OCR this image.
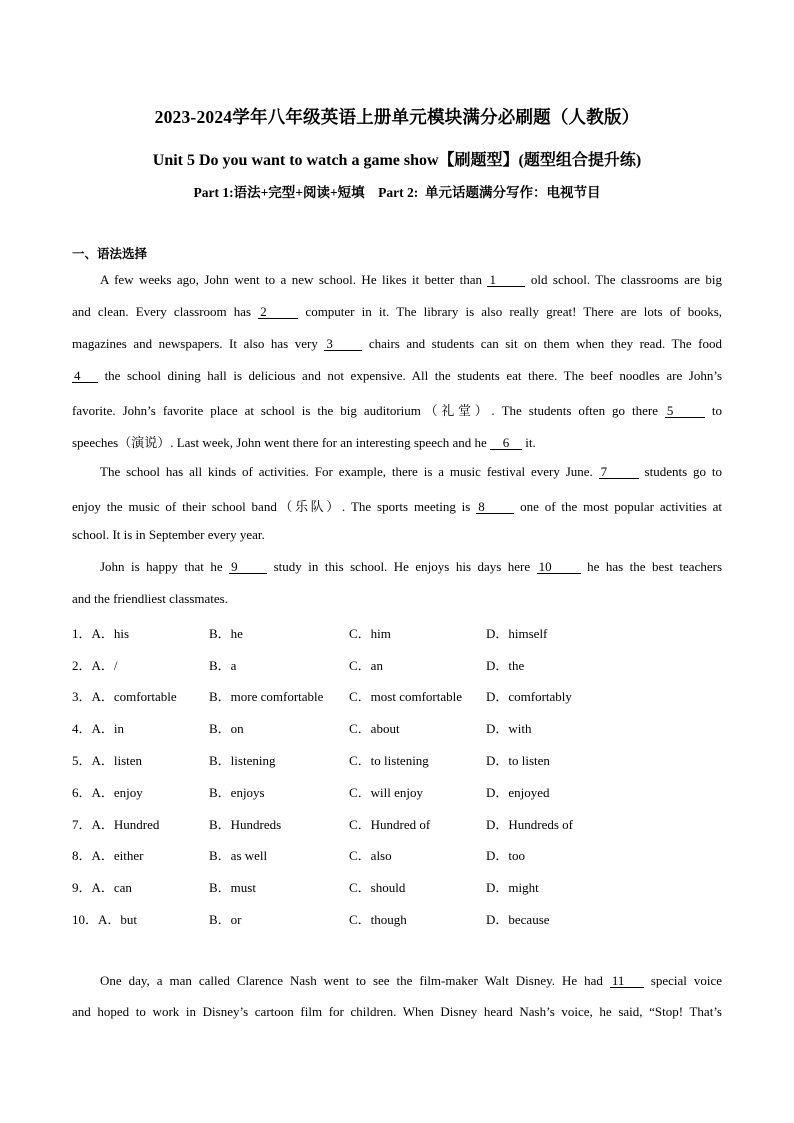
2023-2024学年八年级英语上册单元模块满分必刷题（人教版）
Unit 5 Do you want to watch a game show【刷题型】(题型组合提升练)
Part 1:语法+完型+阅读+短填    Part 2:  单元话题满分写作：电视节目
一、语法选择
A few weeks ago, John went to a new school. He likes it better than 1	old school. The classrooms are big
and clean. Every classroom has 2	computer in it. The library is also really great! There are lots of books,
magazines and newspapers. It also has very 3	chairs and students can sit on them when they read. The food
4 the school dining hall is delicious and not expensive. All the students eat there. The beef noodles are John’s
favorite. John’s favorite place at school is the big auditorium（礼堂）. The students often go there 5	to
speeches（演说）. Last week, John went there for an interesting speech and he 6 it.
The school has all kinds of activities. For example, there is a music festival every June. 7	students go to
enjoy the music of their school band（乐队）. The sports meeting is 8	one of the most popular activities at
school. It is in September every year.
John is happy that he 9	study in this school. He enjoys his days here 10	he has the best teachers
and the friendliest classmates.
1．A．his	B．he	C．him	D．himself
2．A．/	B．a	C．an	D．the
3．A．comfortable B．more comfortable C．most comfortable D．comfortably
4．A．in	B．on	C．about	D．with
5．A．listen	B．listening	C．to listening	D．to listen
6．A．enjoy	B．enjoys	C．will enjoy	D．enjoyed
7．A．Hundred	B．Hundreds	C．Hundred of	D．Hundreds of
8．A．either	B．as well	C．also	D．too
9．A．can	B．must	C．should	D．might
10．A．but	B．or	C．though	D．because
One day, a man called Clarence Nash went to see the film-maker Walt Disney. He had 11 special voice
and hoped to work in Disney’s cartoon film for children. When Disney heard Nash’s voice, he said, “Stop! That’s
